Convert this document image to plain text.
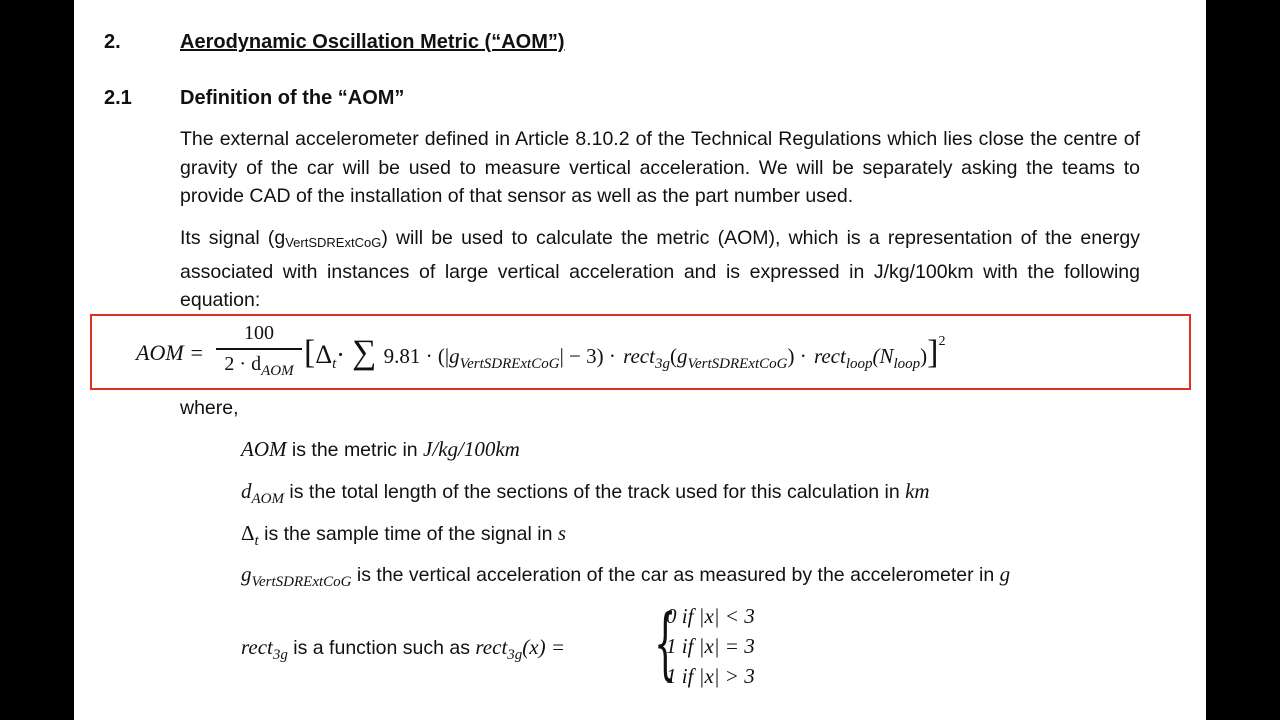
2.	Aerodynamic Oscillation Metric (“AOM”)
2.1 Definition of the “AOM”
The external accelerometer defined in Article 8.10.2 of the Technical Regulations which lies close the centre of gravity of the car will be used to measure vertical acceleration. We will be separately asking the teams to provide CAD of the installation of that sensor as well as the part number used.
Its signal $(g_{VertSDRExtCoG})$ will be used to calculate the metric (AOM), which is a representation of the energy associated with instances of large vertical acceleration and is expressed in J/kg/100km with the following equation:
AOM =
100
$2 \cdot d_{AOM}$ [Δt· ∑ 9.81 · (|gVertSDRExtCoG| − 3) · rect3g(gVertSDRExtCoG) · rectloop(Nloop)]$^2$
where,
AOM is the metric in J/kg/100km
$d_{AOM}$ is the total length of the sections of the track used for this calculation in km
$\Delta_t$ is the sample time of the signal in s
$g_{VertSDRExtCoG}$ is the vertical acceleration of the car as measured by the accelerometer in g
rect$_{3g}$ is a function such as rect$_{3g}$(x) = {
0 if |x| < 3
1 if |x| = 3
1 if |x| > 3
